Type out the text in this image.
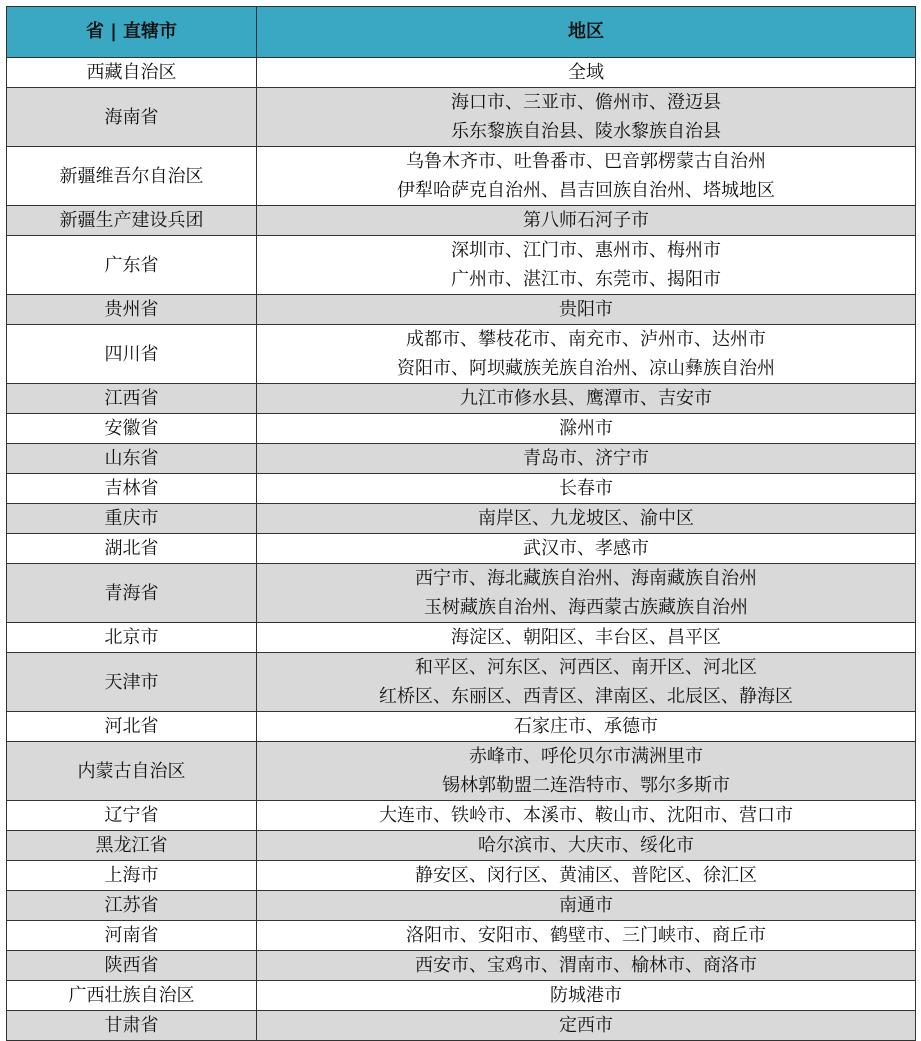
省 | 直辖市	地区
西藏自治区	全域

海南省	海口市、三亚市、儋州市、澄迈县
乐东黎族自治县、陵水黎族自治县

新疆维吾尔自治区	乌鲁木齐市、吐鲁番市、巴音郭楞蒙古自治州
伊犁哈萨克自治州、昌吉回族自治州、塔城地区

新疆生产建设兵团	第八师石河子市

广东省	深圳市、江门市、惠州市、梅州市
广州市、湛江市、东莞市、揭阳市

贵州省	贵阳市

四川省	成都市、攀枝花市、南充市、泸州市、达州市
资阳市、阿坝藏族羌族自治州、凉山彝族自治州

江西省	九江市修水县、鹰潭市、吉安市

安徽省	滁州市

山东省	青岛市、济宁市

吉林省	长春市

重庆市	南岸区、九龙坡区、渝中区

湖北省	武汉市、孝感市

青海省	西宁市、海北藏族自治州、海南藏族自治州
玉树藏族自治州、海西蒙古族藏族自治州

北京市	海淀区、朝阳区、丰台区、昌平区

天津市	和平区、河东区、河西区、南开区、河北区
红桥区、东丽区、西青区、津南区、北辰区、静海区

河北省	石家庄市、承德市

内蒙古自治区	赤峰市、呼伦贝尔市满洲里市
锡林郭勒盟二连浩特市、鄂尔多斯市

辽宁省	大连市、铁岭市、本溪市、鞍山市、沈阳市、营口市

黑龙江省	哈尔滨市、大庆市、绥化市

上海市	静安区、闵行区、黄浦区、普陀区、徐汇区

江苏省	南通市

河南省	洛阳市、安阳市、鹤壁市、三门峡市、商丘市

陕西省	西安市、宝鸡市、渭南市、榆林市、商洛市

广西壮族自治区	防城港市

甘肃省	定西市
